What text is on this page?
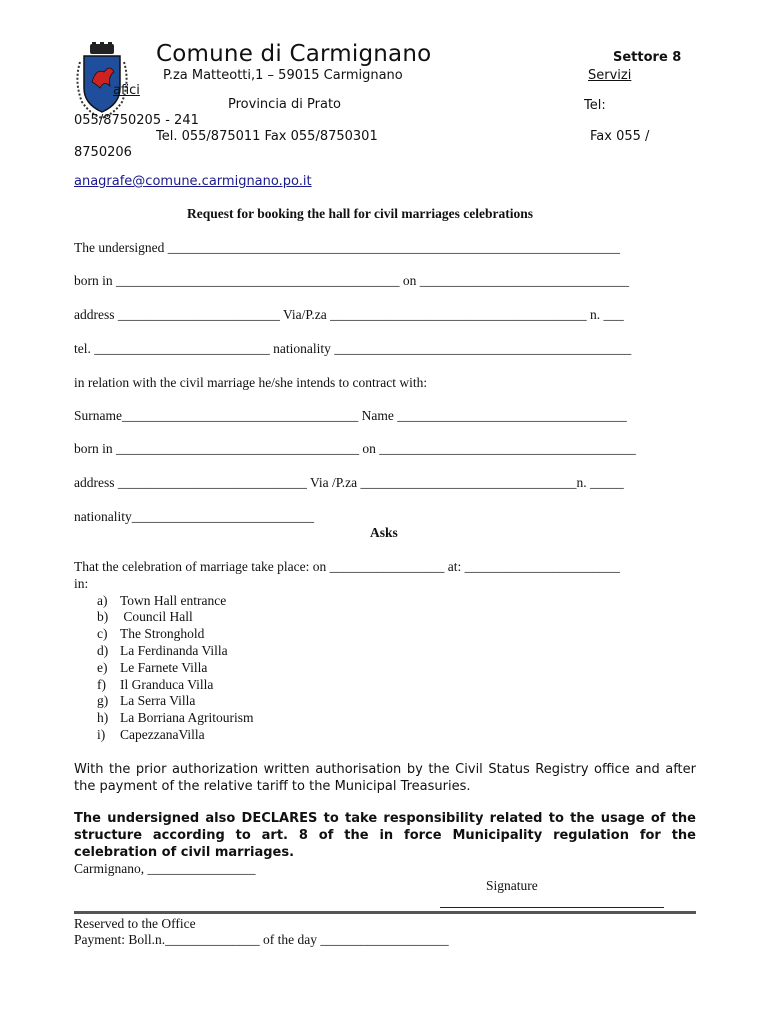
Comune di Carmignano	Settore 8
P.za Matteotti,1 – 59015 Carmignano	Servizi
afici
Provincia di Prato	Tel:
055/8750205 - 241
Tel. 055/875011 Fax 055/8750301	Fax 055 /
8750206
anagrafe@comune.carmignano.po.it
Request for booking the hall for civil marriages celebrations
The undersigned ___________________________________________________________________
born in __________________________________________ on _______________________________
address ________________________ Via/P.za ______________________________________ n. ___
tel. __________________________ nationality ____________________________________________
in relation with the civil marriage he/she intends to contract with:
Surname___________________________________ Name __________________________________
born in ____________________________________ on ______________________________________
address ____________________________ Via /P.za ________________________________n. _____
nationality___________________________
Asks
That the celebration of marriage take place: on _________________ at: _______________________
in:
a) Town Hall entrance
b) Council Hall
c) The Stronghold
d) La Ferdinanda Villa
e) Le Farnete Villa
f) Il Granduca Villa
g) La Serra Villa
h) La Borriana Agritourism
i) CapezzanaVilla
With the prior authorization written authorisation by the Civil Status Registry office and after the payment of the relative tariff to the Municipal Treasuries.
The undersigned also DECLARES to take responsibility related to the usage of the structure according to art. 8 of the in force Municipality regulation for the celebration of civil marriages.
Carmignano, ________________
Signature
Reserved to the Office
Payment: Boll.n.______________ of the day ___________________
